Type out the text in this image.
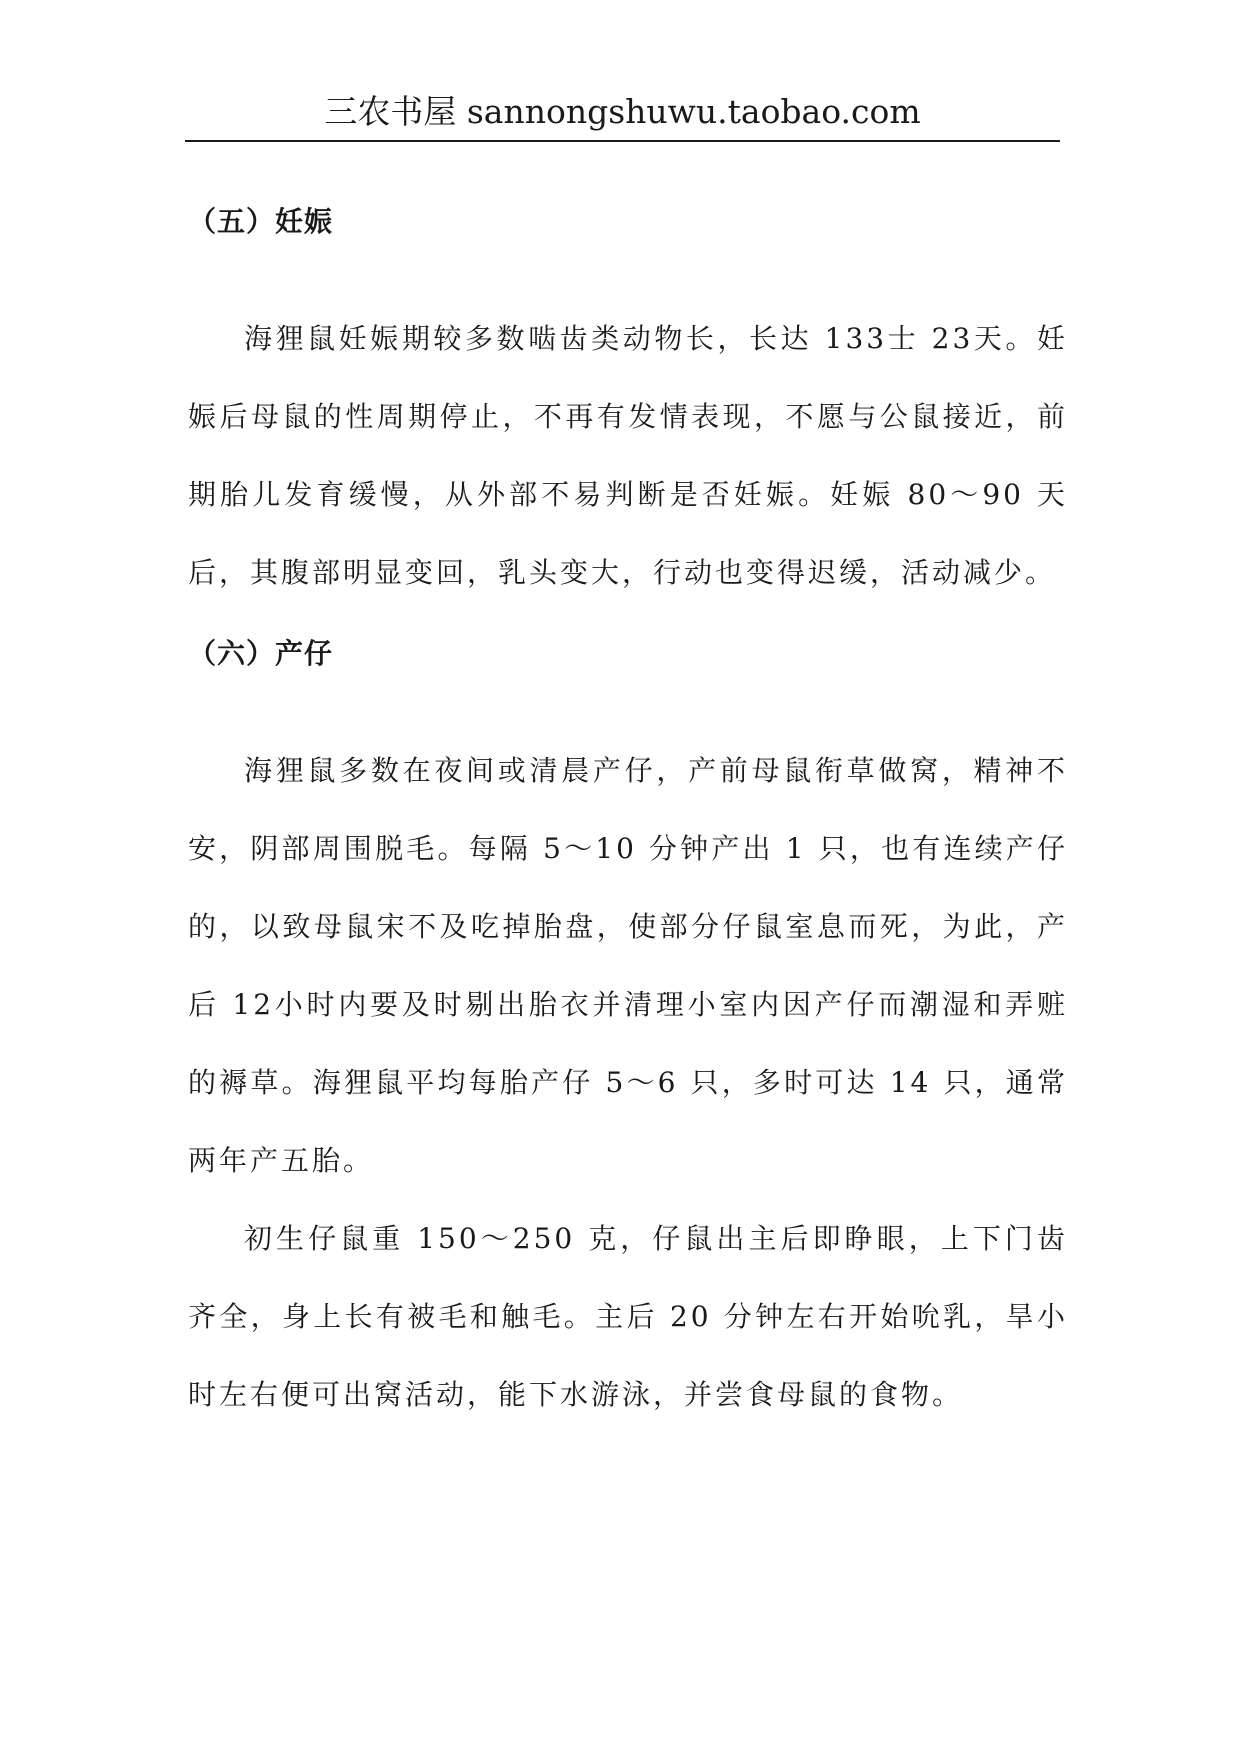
三农书屋 sannongshuwu.taobao.com
（五）妊娠

海狸鼠妊娠期较多数啮齿类动物长，长达 133士 23天。妊娠后母鼠的性周期停止，不再有发情表现，不愿与公鼠接近，前期胎儿发育缓慢，从外部不易判断是否妊娠。妊娠 80～90 天后，其腹部明显变回，乳头变大，行动也变得迟缓，活动减少。

（六）产仔

海狸鼠多数在夜间或清晨产仔，产前母鼠衔草做窝，精神不安，阴部周围脱毛。每隔 5～10 分钟产出 1 只，也有连续产仔的，以致母鼠宋不及吃掉胎盘，使部分仔鼠室息而死，为此，产后 12小时内要及时剔出胎衣并清理小室内因产仔而潮湿和弄赃的褥草。海狸鼠平均每胎产仔 5～6 只，多时可达 14 只，通常两年产五胎。

初生仔鼠重 150～250 克，仔鼠出主后即睁眼，上下门齿齐全，身上长有被毛和触毛。主后 20 分钟左右开始吮乳，旱小时左右便可出窝活动，能下水游泳，并尝食母鼠的食物。
